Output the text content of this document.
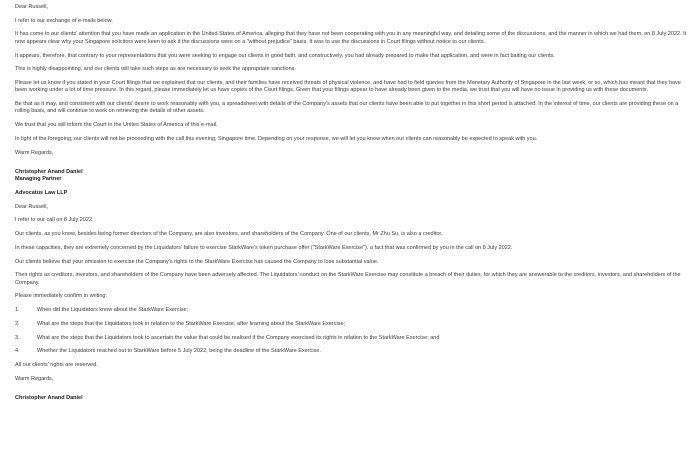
Dear Russell,

I refer to our exchange of e-mails below.

It has come to our clients' attention that you have made an application in the United States of America, alleging that they have not been cooperating with you in any meaningful way, and detailing some of the discussions, and the manner in which we had them, on 8 July 2022. It now appears clear why your Singapore solicitors were keen to ask if the discussions were on a "without prejudice" basis. It was to use the discussions in Court filings without notice to our clients.

It appears, therefore, that contrary to your representations that you were seeking to engage our clients in good faith, and constructively, you had already prepared to make that application, and were in fact baiting our clients.

This is highly disappointing, and our clients will take such steps as are necessary to seek the appropriate sanctions.

Please let us know if you stated in your Court filings that we explained that our clients, and their families have received threats of physical violence, and have had to field queries from the Monetary Authority of Singapore in the last week, or so, which has meant that they have been working under a lot of time pressure. In this regard, please immediately let us have copies of the Court filings. Given that your filings appear to have already been given to the media, we trust that you will have no issue in providing us with these documents.

Be that as it may, and consistent with our clients' desire to work reasonably with you, a spreadsheet with details of the Company's assets that our clients have been able to put together in this short period is attached. In the interest of time, our clients are providing these on a rolling basis, and will continue to work on retrieving the details of other assets.

We trust that you will inform the Court in the Unites States of America of this e-mail.

In light of the foregoing, our clients will not be proceeding with the call this evening, Singapore time. Depending on your response, we will let you know when our clients can reasonably be expected to speak with you.

Warm Regards,

Christopher Anand Daniel

Managing Partner

Advocatus Law LLP

Dear Russell,

I refer to our call on 8 July 2022.

Our clients, as you know, besides being former directors of the Company, are also investors, and shareholders of the Company. One of our clients, Mr Zhu Su, is also a creditor.

In these capacities, they are extremely concerned by the Liquidators' failure to exercise StarkWare's token purchase offer ("StarkWare Exercise"), a fact that was confirmed by you in the call on 8 July 2022.

Our clients believe that your omission to exercise the Company's rights to the StarkWare Exercise has caused the Company to lose substantial value.

Their rights as creditors, investors, and shareholders of the Company have been adversely affected. The Liquidators' conduct on the StarkWare Exercise may constitute a breach of their duties, for which they are answerable to the creditors, investors, and shareholders of the Company.

Please immediately confirm in writing:

1.	When did the Liquidators know about the StarkWare Exercise;

2.	What are the steps that the Liquidators took in relation to the StarkWare Exercise, after learning about the StarkWare Exercise;

3.	What are the steps that the Liquidators took to ascertain the value that could be realised if the Company exercised its rights in relation to the StarkWare Exercise; and

4.	Whether the Liquidators reached out to StarkWare before 5 July 2022, being the deadline of the StarkWare Exercise.

All our clients' rights are reserved.

Warm Regards,

Christopher Anand Daniel
